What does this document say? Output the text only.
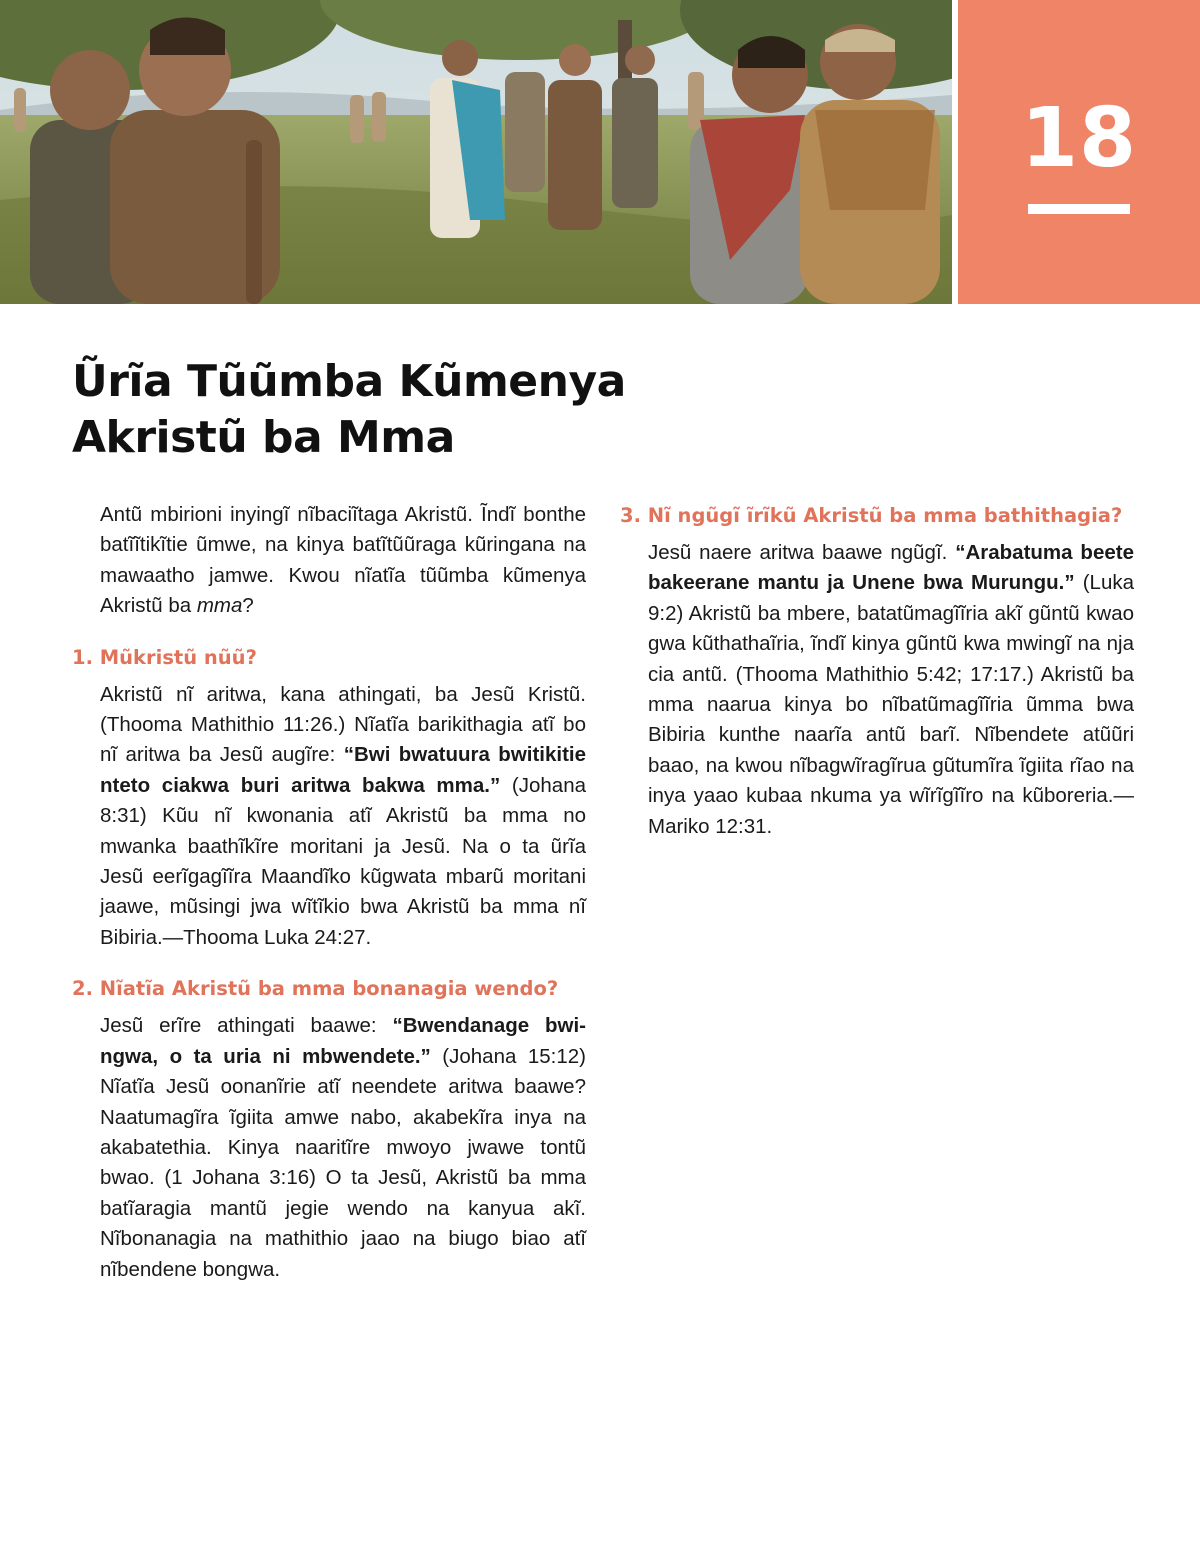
18
Ũrĩa Tũũmba Kũmenya
Akristũ ba Mma

Antũ mbirioni inyingĩ nĩbaciĩtaga Akristũ. Ĩndĩ bonthe batĩĩtikĩtie ũmwe, na kinya batĩtũũraga kũringana na mawaatho jamwe. Kwou nĩatĩa tũũmba kũmenya Akristũ ba mma?

1. Mũkristũ nũũ?

Akristũ nĩ aritwa, kana athingati, ba Jesũ Kristũ. (Thooma Mathithio 11:26.) Nĩatĩa barikithagia atĩ bo nĩ aritwa ba Jesũ augĩre: “Bwi bwatuura bwitikitie nteto ciakwa buri aritwa bakwa mma.” (Johana 8:31) Kũu nĩ kwonania atĩ Akristũ ba mma no mwanka baathĩkĩre moritani ja Jesũ. Na o ta ũrĩa Jesũ eerĩgagĩĩra Maandĩko kũgwata mbarũ moritani jaawe, mũsingi jwa wĩtĩkio bwa Akristũ ba mma nĩ Bibiria.—Thooma Luka 24:27.

2. Nĩatĩa Akristũ ba mma bonanagia wendo?

Jesũ erĩre athingati baawe: “Bwendanage bwingwa, o ta uria ni mbwendete.” (Johana 15:12) Nĩatĩa Jesũ oonanĩrie atĩ neendete aritwa baawe? Naatumagĩra ĩgiita amwe nabo, akabekĩra inya na akabatethia. Kinya naaritĩre mwoyo jwawe tontũ bwao. (1 Johana 3:16) O ta Jesũ, Akristũ ba mma batĩaragia mantũ jegie wendo na kanyua akĩ. Nĩbonanagia na mathithio jaao na biugo biao atĩ nĩbendene bongwa.

3. Nĩ ngũgĩ ĩrĩkũ Akristũ ba mma bathithagia?

Jesũ naere aritwa baawe ngũgĩ. “Arabatuma beete bakeerane mantu ja Unene bwa Murungu.” (Luka 9:2) Akristũ ba mbere, batatũmagĩĩria akĩ gũntũ kwao gwa kũthathaĩria, ĩndĩ kinya gũntũ kwa mwingĩ na nja cia antũ. (Thooma Mathithio 5:42; 17:17.) Akristũ ba mma naarua kinya bo nĩbatũmagĩĩria ũmma bwa Bibiria kunthe naarĩa antũ barĩ. Nĩbendete atũũri baao, na kwou nĩbagwĩragĩrua gũtumĩra ĩgiita rĩao na inya yaao kubaa nkuma ya wĩrĩgĩĩro na kũboreria.—Mariko 12:31.
